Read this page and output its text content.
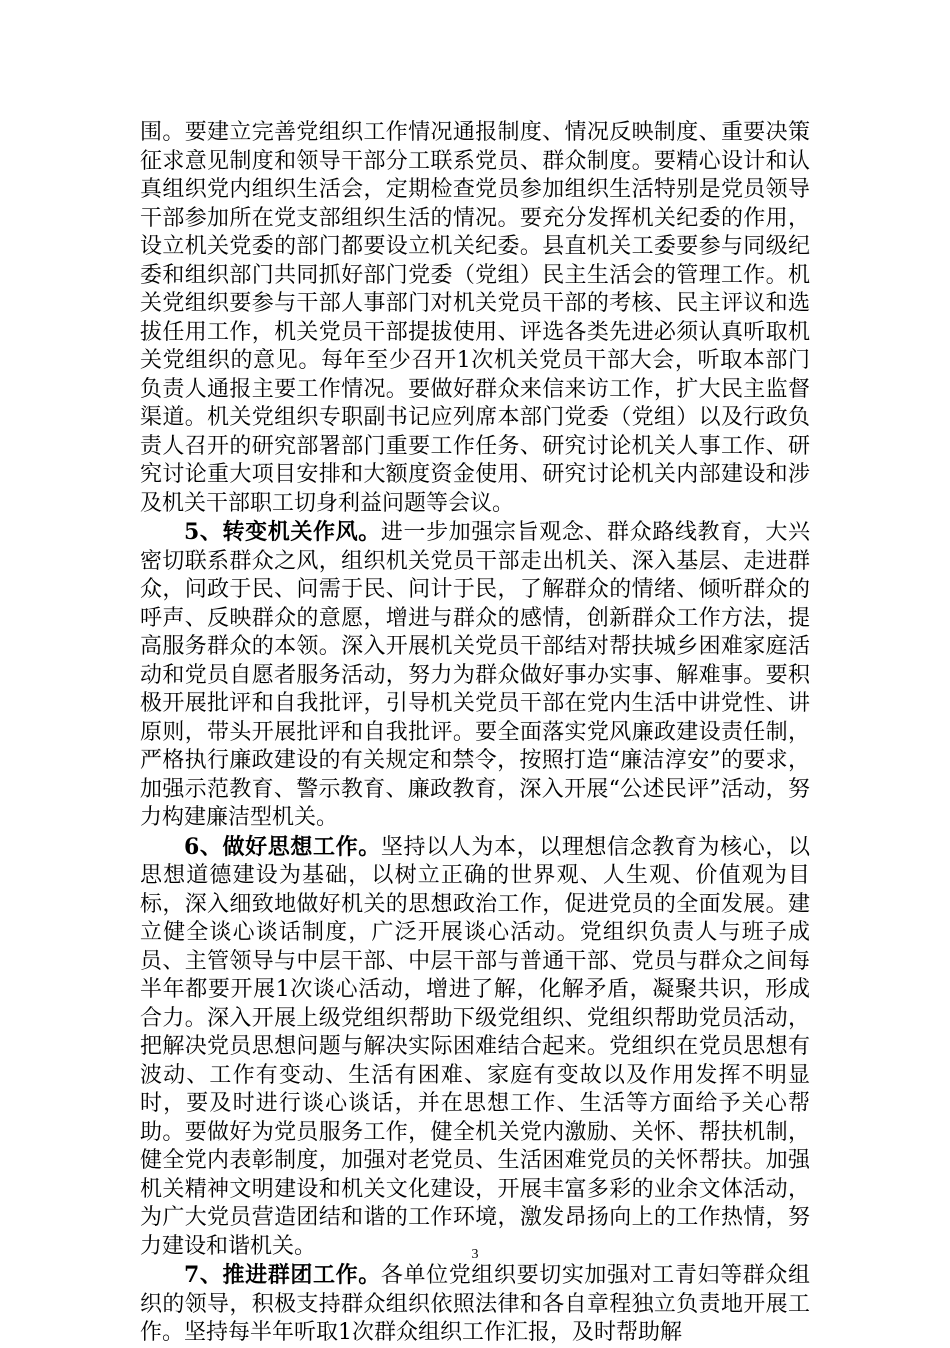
围。要建立完善党组织工作情况通报制度、情况反映制度、重要决策征求意见制度和领导干部分工联系党员、群众制度。要精心设计和认真组织党内组织生活会，定期检查党员参加组织生活特别是党员领导干部参加所在党支部组织生活的情况。要充分发挥机关纪委的作用，设立机关党委的部门都要设立机关纪委。县直机关工委要参与同级纪委和组织部门共同抓好部门党委（党组）民主生活会的管理工作。机关党组织要参与干部人事部门对机关党员干部的考核、民主评议和选拔任用工作，机关党员干部提拔使用、评选各类先进必须认真听取机关党组织的意见。每年至少召开1次机关党员干部大会，听取本部门负责人通报主要工作情况。要做好群众来信来访工作，扩大民主监督渠道。机关党组织专职副书记应列席本部门党委（党组）以及行政负责人召开的研究部署部门重要工作任务、研究讨论机关人事工作、研究讨论重大项目安排和大额度资金使用、研究讨论机关内部建设和涉及机关干部职工切身利益问题等会议。

5、转变机关作风。进一步加强宗旨观念、群众路线教育，大兴密切联系群众之风，组织机关党员干部走出机关、深入基层、走进群众，问政于民、问需于民、问计于民，了解群众的情绪、倾听群众的呼声、反映群众的意愿，增进与群众的感情，创新群众工作方法，提高服务群众的本领。深入开展机关党员干部结对帮扶城乡困难家庭活动和党员自愿者服务活动，努力为群众做好事办实事、解难事。要积极开展批评和自我批评，引导机关党员干部在党内生活中讲党性、讲原则，带头开展批评和自我批评。要全面落实党风廉政建设责任制，严格执行廉政建设的有关规定和禁令，按照打造“廉洁淳安”的要求，加强示范教育、警示教育、廉政教育，深入开展“公述民评”活动，努力构建廉洁型机关。

6、做好思想工作。坚持以人为本，以理想信念教育为核心，以思想道德建设为基础，以树立正确的世界观、人生观、价值观为目标，深入细致地做好机关的思想政治工作，促进党员的全面发展。建立健全谈心谈话制度，广泛开展谈心活动。党组织负责人与班子成员、主管领导与中层干部、中层干部与普通干部、党员与群众之间每半年都要开展1次谈心活动，增进了解，化解矛盾，凝聚共识，形成合力。深入开展上级党组织帮助下级党组织、党组织帮助党员活动，把解决党员思想问题与解决实际困难结合起来。党组织在党员思想有波动、工作有变动、生活有困难、家庭有变故以及作用发挥不明显时，要及时进行谈心谈话，并在思想工作、生活等方面给予关心帮助。要做好为党员服务工作，健全机关党内激励、关怀、帮扶机制，健全党内表彰制度，加强对老党员、生活困难党员的关怀帮扶。加强机关精神文明建设和机关文化建设，开展丰富多彩的业余文体活动，为广大党员营造团结和谐的工作环境，激发昂扬向上的工作热情，努力建设和谐机关。

7、推进群团工作。各单位党组织要切实加强对工青妇等群众组织的领导，积极支持群众组织依照法律和各自章程独立负责地开展工作。坚持每半年听取1次群众组织工作汇报，及时帮助解

3
